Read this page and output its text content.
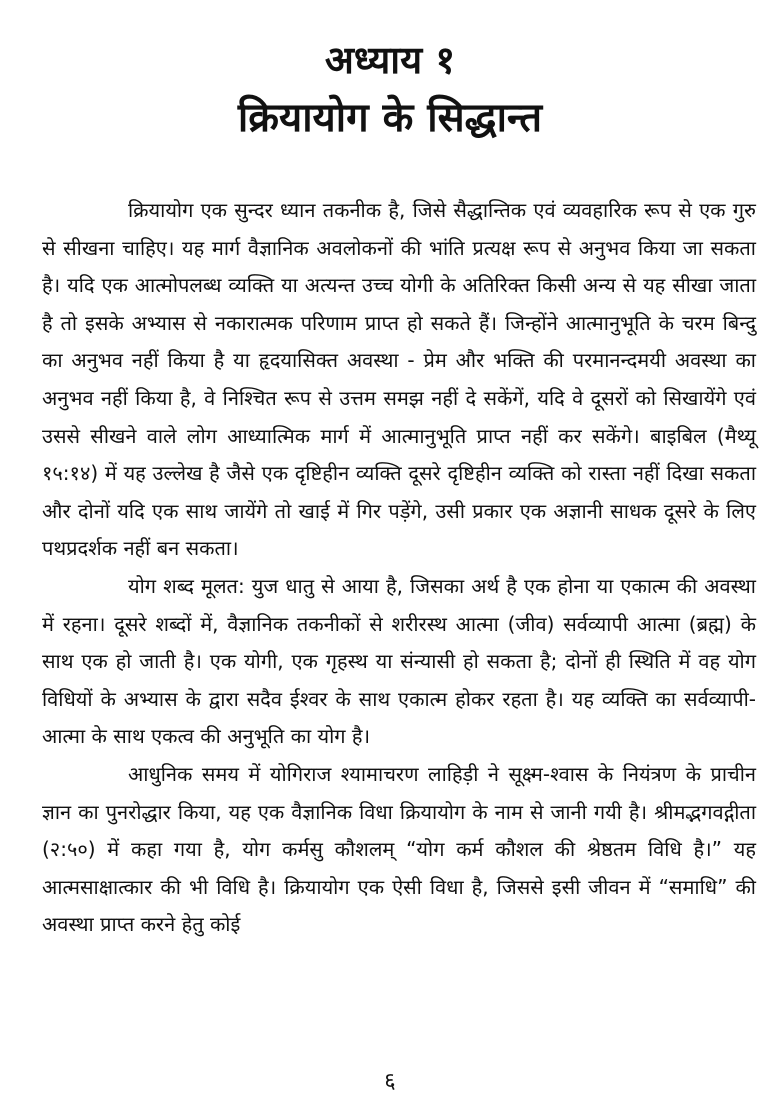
अध्याय १
क्रियायोग के सिद्धान्त

क्रियायोग एक सुन्दर ध्यान तकनीक है, जिसे सैद्धान्तिक एवं व्यवहारिक रूप से एक गुरु से सीखना चाहिए। यह मार्ग वैज्ञानिक अवलोकनों की भांति प्रत्यक्ष रूप से अनुभव किया जा सकता है। यदि एक आत्मोपलब्ध व्यक्ति या अत्यन्त उच्च योगी के अतिरिक्त किसी अन्य से यह सीखा जाता है तो इसके अभ्यास से नकारात्मक परिणाम प्राप्त हो सकते हैं। जिन्होंने आत्मानुभूति के चरम बिन्दु का अनुभव नहीं किया है या हृदयासिक्त अवस्था - प्रेम और भक्ति की परमानन्दमयी अवस्था का अनुभव नहीं किया है, वे निश्चित रूप से उत्तम समझ नहीं दे सकेंगें, यदि वे दूसरों को सिखायेंगे एवं उससे सीखने वाले लोग आध्यात्मिक मार्ग में आत्मानुभूति प्राप्त नहीं कर सकेंगे। बाइबिल (मैथ्यू १५:१४) में यह उल्लेख है जैसे एक दृष्टिहीन व्यक्ति दूसरे दृष्टिहीन व्यक्ति को रास्ता नहीं दिखा सकता और दोनों यदि एक साथ जायेंगे तो खाई में गिर पड़ेंगे, उसी प्रकार एक अज्ञानी साधक दूसरे के लिए पथप्रदर्शक नहीं बन सकता।

योग शब्द मूलत: युज धातु से आया है, जिसका अर्थ है एक होना या एकात्म की अवस्था में रहना। दूसरे शब्दों में, वैज्ञानिक तकनीकों से शरीरस्थ आत्मा (जीव) सर्वव्यापी आत्मा (ब्रह्म) के साथ एक हो जाती है। एक योगी, एक गृहस्थ या संन्यासी हो सकता है; दोनों ही स्थिति में वह योग विधियों के अभ्यास के द्वारा सदैव ईश्वर के साथ एकात्म होकर रहता है। यह व्यक्ति का सर्वव्यापी-आत्मा के साथ एकत्व की अनुभूति का योग है।

आधुनिक समय में योगिराज श्यामाचरण लाहिड़ी ने सूक्ष्म-श्वास के नियंत्रण के प्राचीन ज्ञान का पुनरोद्धार किया, यह एक वैज्ञानिक विधा क्रियायोग के नाम से जानी गयी है। श्रीमद्भगवद्गीता (२:५०) में कहा गया है, योग कर्मसु कौशलम् “योग कर्म कौशल की श्रेष्ठतम विधि है।” यह आत्मसाक्षात्कार की भी विधि है। क्रियायोग एक ऐसी विधा है, जिससे इसी जीवन में “समाधि” की अवस्था प्राप्त करने हेतु कोई

६
